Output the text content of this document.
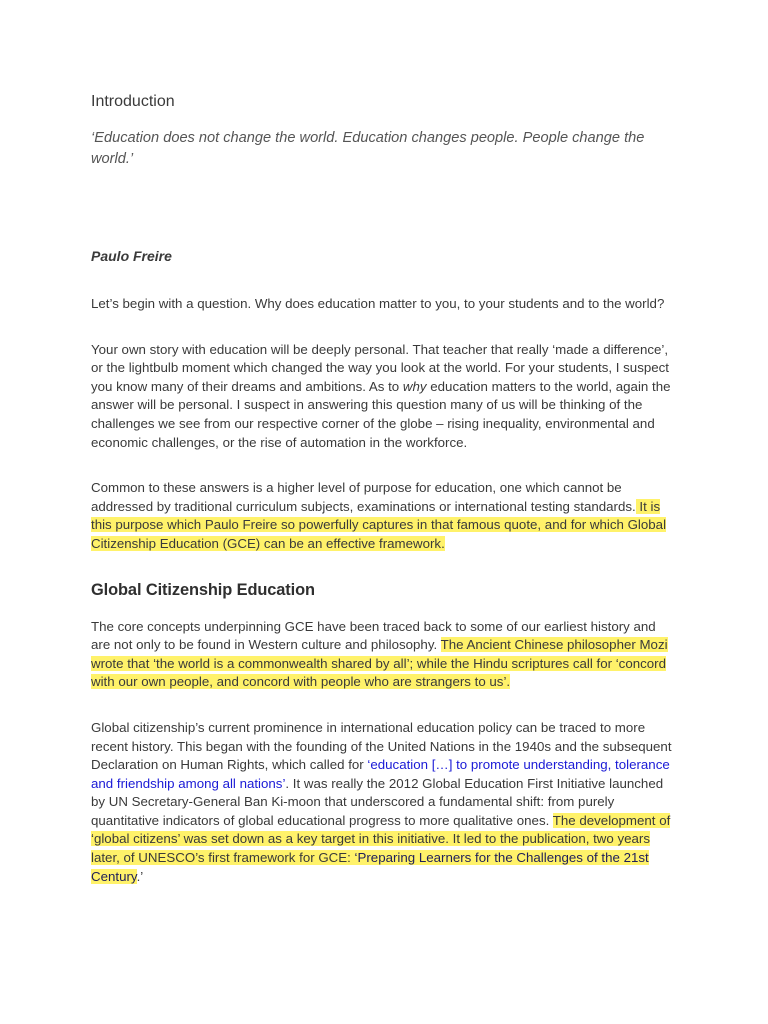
Introduction
‘Education does not change the world. Education changes people. People change the world.’
Paulo Freire

Let’s begin with a question. Why does education matter to you, to your students and to the world?

Your own story with education will be deeply personal. That teacher that really ‘made a difference’, or the lightbulb moment which changed the way you look at the world. For your students, I suspect you know many of their dreams and ambitions. As to why education matters to the world, again the answer will be personal. I suspect in answering this question many of us will be thinking of the challenges we see from our respective corner of the globe – rising inequality, environmental and economic challenges, or the rise of automation in the workforce.

Common to these answers is a higher level of purpose for education, one which cannot be addressed by traditional curriculum subjects, examinations or international testing standards. It is this purpose which Paulo Freire so powerfully captures in that famous quote, and for which Global Citizenship Education (GCE) can be an effective framework.

Global Citizenship Education

The core concepts underpinning GCE have been traced back to some of our earliest history and are not only to be found in Western culture and philosophy. The Ancient Chinese philosopher Mozi wrote that ‘the world is a commonwealth shared by all’; while the Hindu scriptures call for ‘concord with our own people, and concord with people who are strangers to us’.

Global citizenship’s current prominence in international education policy can be traced to more recent history. This began with the founding of the United Nations in the 1940s and the subsequent Declaration on Human Rights, which called for ‘education […] to promote understanding, tolerance and friendship among all nations’. It was really the 2012 Global Education First Initiative launched by UN Secretary-General Ban Ki-moon that underscored a fundamental shift: from purely quantitative indicators of global educational progress to more qualitative ones. The development of ‘global citizens’ was set down as a key target in this initiative. It led to the publication, two years later, of UNESCO’s first framework for GCE: ‘Preparing Learners for the Challenges of the 21st Century.’
